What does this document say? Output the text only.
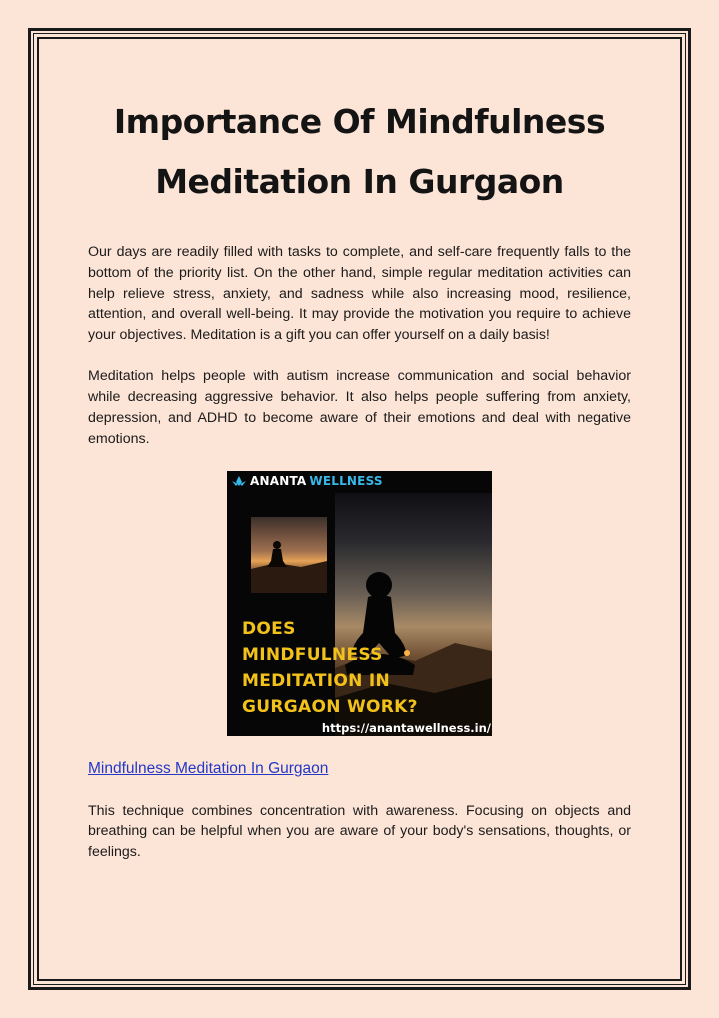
Importance Of Mindfulness
Meditation In Gurgaon

Our days are readily filled with tasks to complete, and self-care frequently falls to the bottom of the priority list. On the other hand, simple regular meditation activities can help relieve stress, anxiety, and sadness while also increasing mood, resilience, attention, and overall well-being. It may provide the motivation you require to achieve your objectives. Meditation is a gift you can offer yourself on a daily basis!

Meditation helps people with autism increase communication and social behavior while decreasing aggressive behavior. It also helps people suffering from anxiety, depression, and ADHD to become aware of their emotions and deal with negative emotions.

ANANTA WELLNESS
DOES
MINDFULNESS
MEDITATION IN
GURGAON WORK?
https://anantawellness.in/
Mindfulness Meditation In Gurgaon

This technique combines concentration with awareness. Focusing on objects and breathing can be helpful when you are aware of your body's sensations, thoughts, or feelings.
